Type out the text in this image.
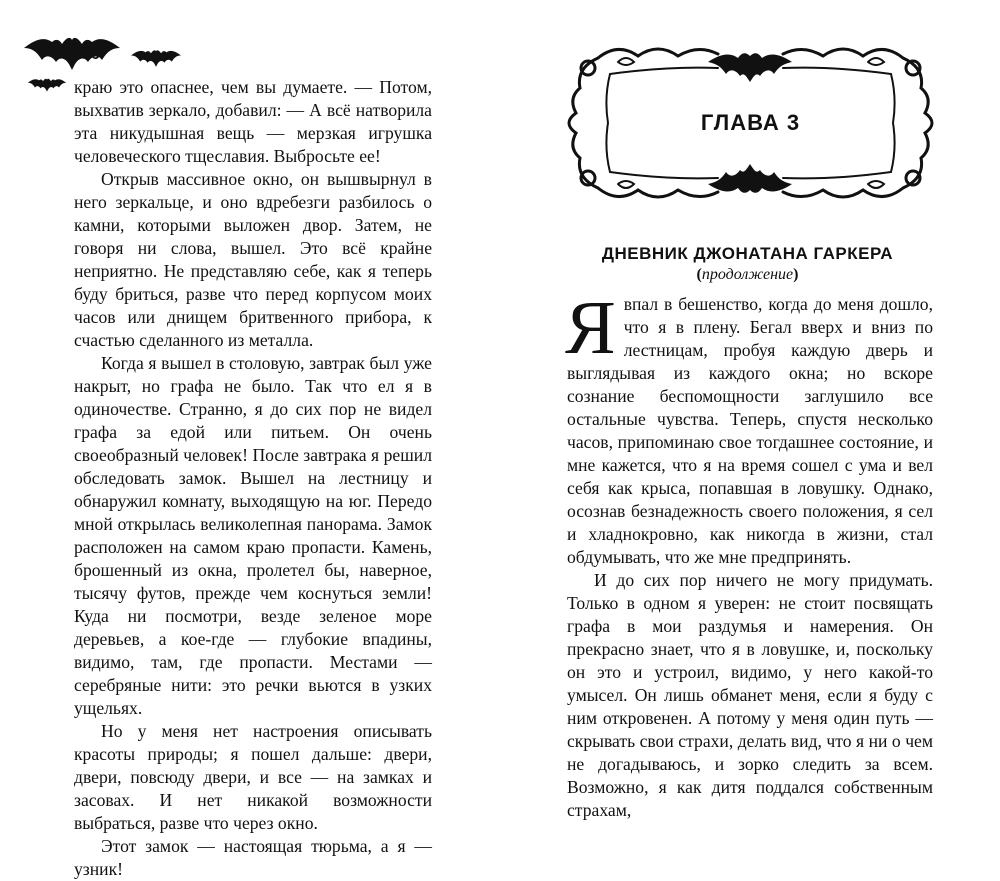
46

краю это опаснее, чем вы думаете. — Потом, выхватив зеркало, добавил: — А всё натворила эта никудышная вещь — мерзкая игрушка человеческого тщеславия. Выбросьте ее!

Открыв массивное окно, он вышвырнул в него зеркальце, и оно вдребезги разбилось о камни, которыми выложен двор. Затем, не говоря ни слова, вышел. Это всё крайне неприятно. Не представляю себе, как я теперь буду бриться, разве что перед корпусом моих часов или днищем бритвенного прибора, к счастью сделанного из металла.

Когда я вышел в столовую, завтрак был уже накрыт, но графа не было. Так что ел я в одиночестве. Странно, я до сих пор не видел графа за едой или питьем. Он очень своеобразный человек! После завтрака я решил обследовать замок. Вышел на лестницу и обнаружил комнату, выходящую на юг. Передо мной открылась великолепная панорама. Замок расположен на самом краю пропасти. Камень, брошенный из окна, пролетел бы, наверное, тысячу футов, прежде чем коснуться земли! Куда ни посмотри, везде зеленое море деревьев, а кое-где — глубокие впадины, видимо, там, где пропасти. Местами — серебряные нити: это речки вьются в узких ущельях.

Но у меня нет настроения описывать красоты природы; я пошел дальше: двери, двери, повсюду двери, и все — на замках и засовах. И нет никакой возможности выбраться, разве что через окно.

Этот замок — настоящая тюрьма, а я — узник!

ГЛАВА 3
ДНЕВНИК ДЖОНАТАНА ГАРКЕРА
(продолжение)

Явпал в бешенство, когда до меня дошло, что я в плену. Бегал вверх и вниз по лестницам, пробуя каждую дверь и выглядывая из каждого окна; но вскоре сознание беспомощности заглушило все остальные чувства. Теперь, спустя несколько часов, припоминаю свое тогдашнее состояние, и мне кажется, что я на время сошел с ума и вел себя как крыса, попавшая в ловушку. Однако, осознав безнадежность своего положения, я сел и хладнокровно, как никогда в жизни, стал обдумывать, что же мне предпринять.

И до сих пор ничего не могу придумать. Только в одном я уверен: не стоит посвящать графа в мои раздумья и намерения. Он прекрасно знает, что я в ловушке, и, поскольку он это и устроил, видимо, у него какой-то умысел. Он лишь обманет меня, если я буду с ним откровенен. А потому у меня один путь — скрывать свои страхи, делать вид, что я ни о чем не догадываюсь, и зорко следить за всем. Возможно, я как дитя поддался собственным страхам,
